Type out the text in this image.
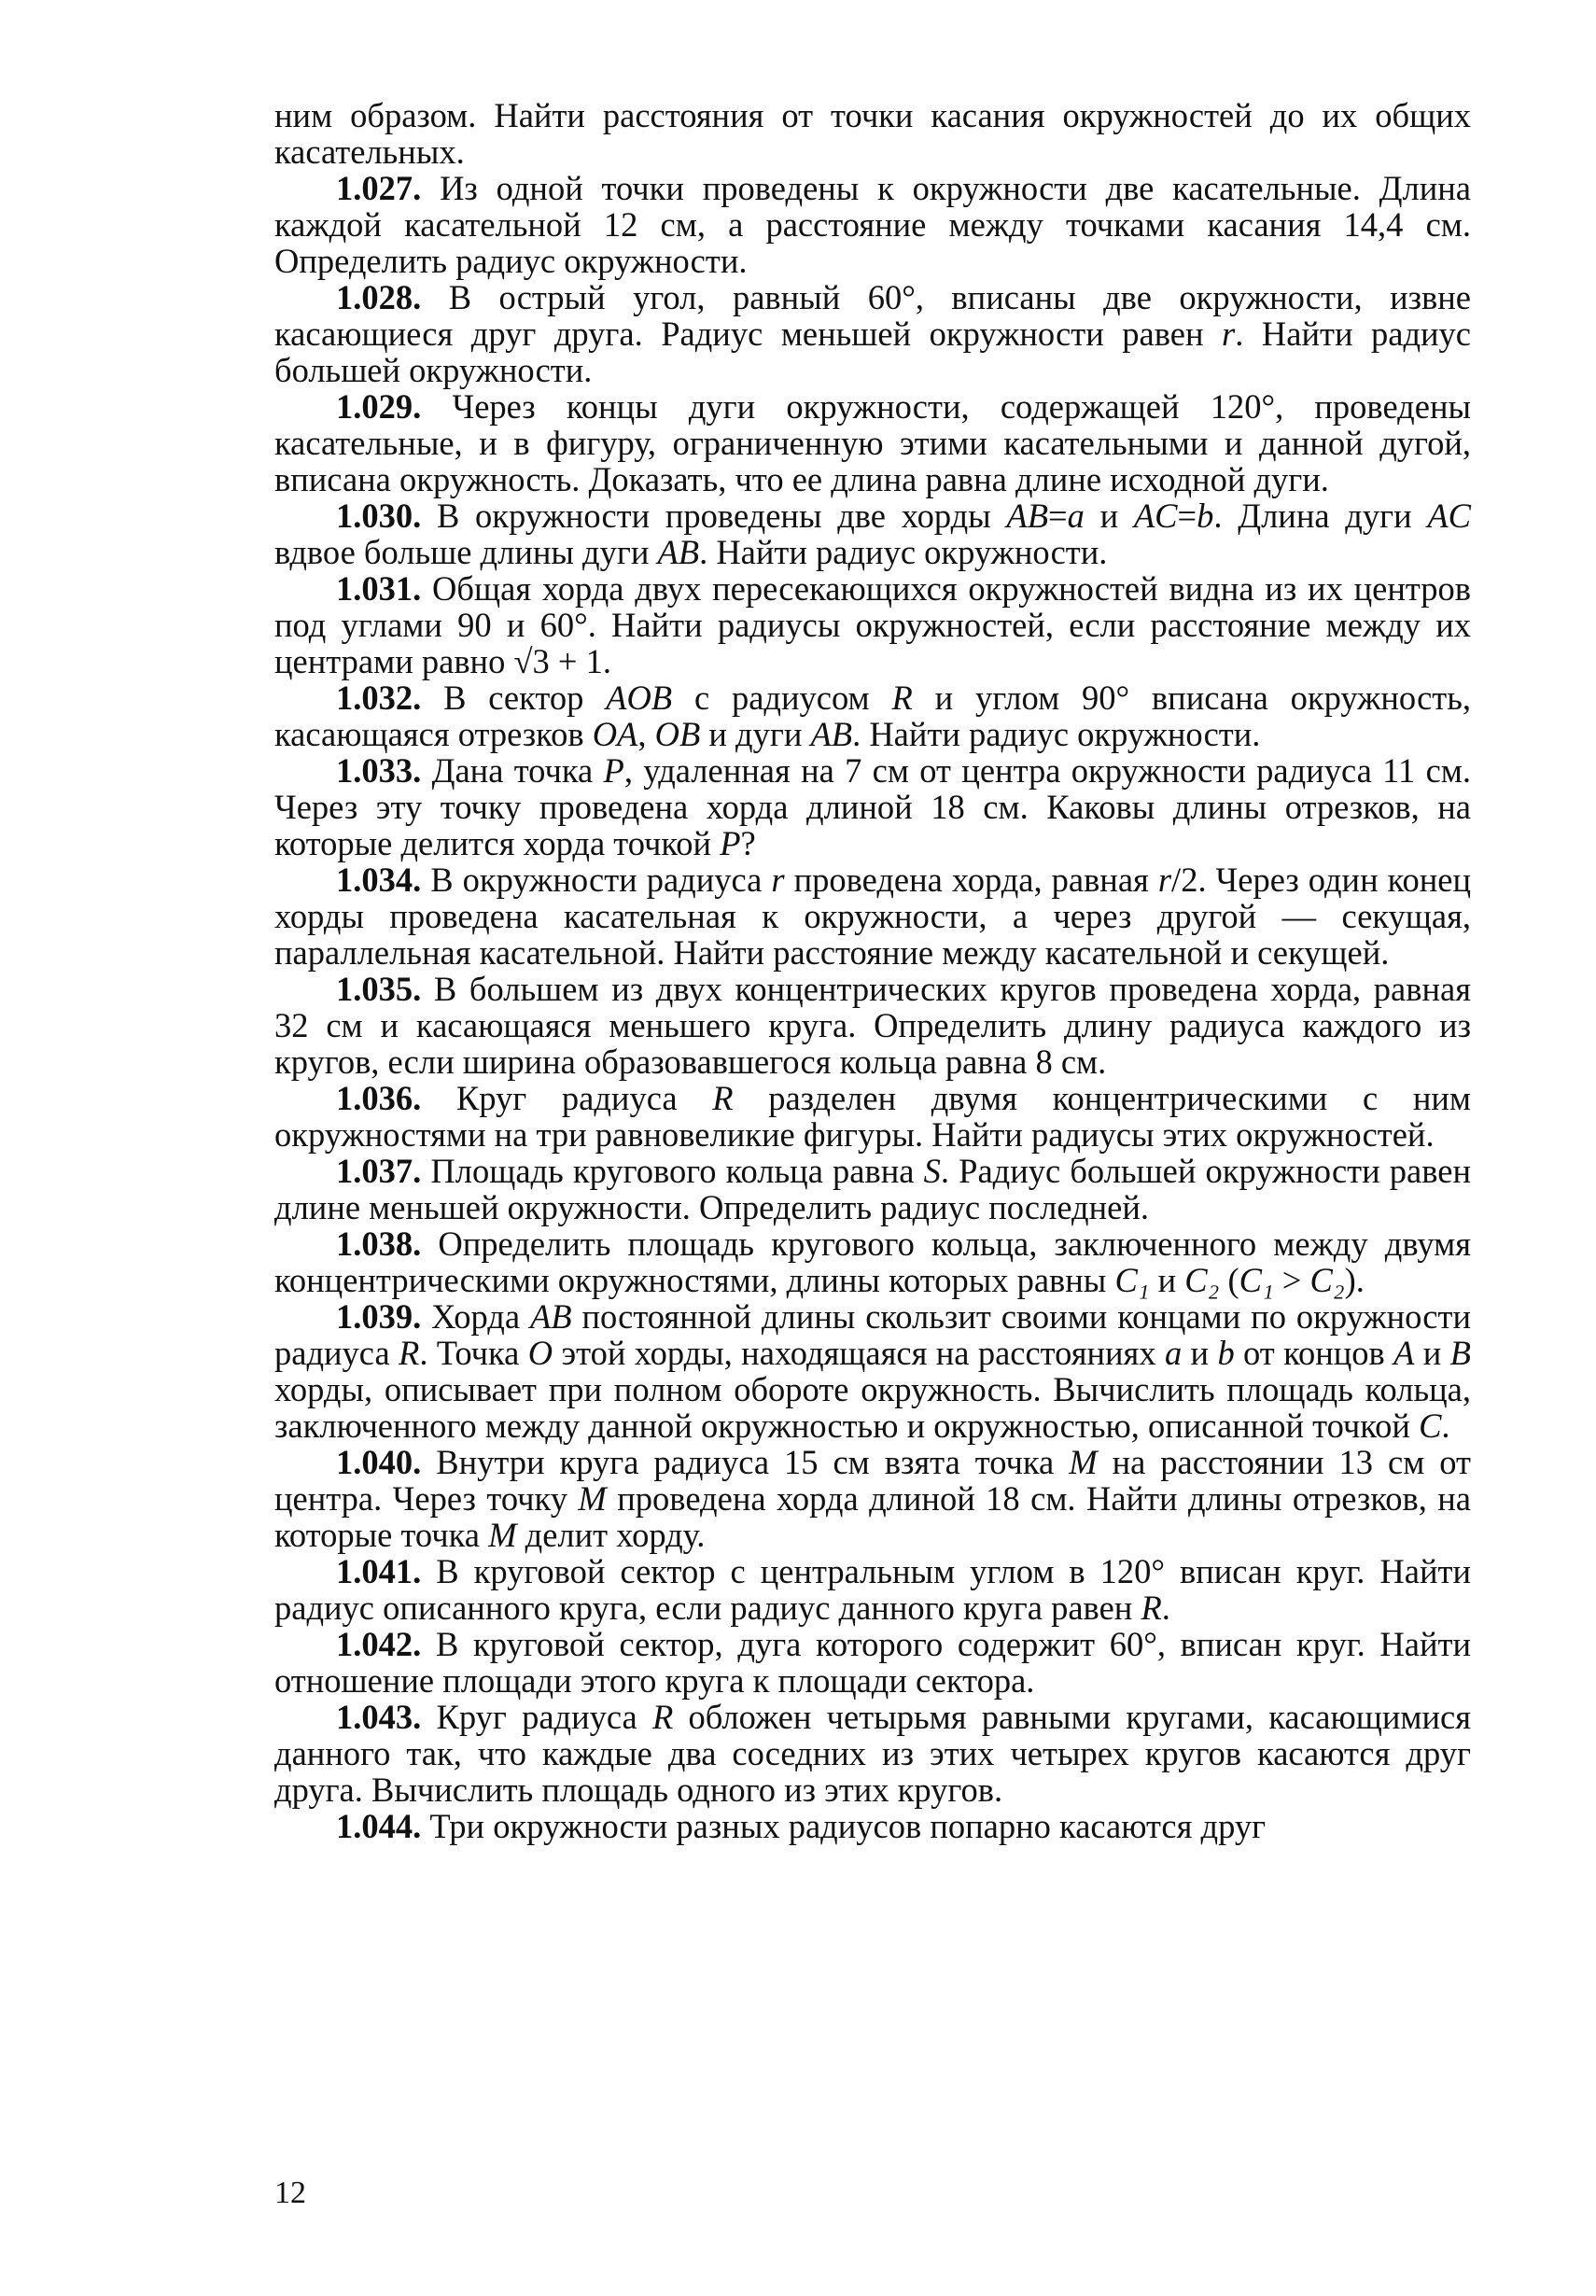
ним образом. Найти расстояния от точки касания окружностей до их общих касательных.

1.027. Из одной точки проведены к окружности две касательные. Длина каждой касательной 12 см, а расстояние между точками касания 14,4 см. Определить радиус окружности.

1.028. В острый угол, равный 60°, вписаны две окружности, извне касающиеся друг друга. Радиус меньшей окружности равен r. Найти радиус большей окружности.

1.029. Через концы дуги окружности, содержащей 120°, проведены касательные, и в фигуру, ограниченную этими касательными и данной дугой, вписана окружность. Доказать, что ее длина равна длине исходной дуги.

1.030. В окружности проведены две хорды AB=a и AC=b. Длина дуги AC вдвое больше длины дуги AB. Найти радиус окружности.

1.031. Общая хорда двух пересекающихся окружностей видна из их центров под углами 90 и 60°. Найти радиусы окружностей, если расстояние между их центрами равно √3 + 1.

1.032. В сектор AOB с радиусом R и углом 90° вписана окружность, касающаяся отрезков OA, OB и дуги AB. Найти радиус окружности.

1.033. Дана точка P, удаленная на 7 см от центра окружности радиуса 11 см. Через эту точку проведена хорда длиной 18 см. Каковы длины отрезков, на которые делится хорда точкой P?

1.034. В окружности радиуса r проведена хорда, равная r/2. Через один конец хорды проведена касательная к окружности, а через другой — секущая, параллельная касательной. Найти расстояние между касательной и секущей.

1.035. В большем из двух концентрических кругов проведена хорда, равная 32 см и касающаяся меньшего круга. Определить длину радиуса каждого из кругов, если ширина образовавшегося кольца равна 8 см.

1.036. Круг радиуса R разделен двумя концентрическими с ним окружностями на три равновеликие фигуры. Найти радиусы этих окружностей.

1.037. Площадь кругового кольца равна S. Радиус большей окружности равен длине меньшей окружности. Определить радиус последней.

1.038. Определить площадь кругового кольца, заключенного между двумя концентрическими окружностями, длины которых равны C₁ и C₂ (C₁ > C₂).

1.039. Хорда AB постоянной длины скользит своими концами по окружности радиуса R. Точка O этой хорды, находящаяся на расстояниях a и b от концов A и B хорды, описывает при полном обороте окружность. Вычислить площадь кольца, заключенного между данной окружностью и окружностью, описанной точкой C.

1.040. Внутри круга радиуса 15 см взята точка M на расстоянии 13 см от центра. Через точку M проведена хорда длиной 18 см. Найти длины отрезков, на которые точка M делит хорду.

1.041. В круговой сектор с центральным углом в 120° вписан круг. Найти радиус описанного круга, если радиус данного круга равен R.

1.042. В круговой сектор, дуга которого содержит 60°, вписан круг. Найти отношение площади этого круга к площади сектора.

1.043. Круг радиуса R обложен четырьмя равными кругами, касающимися данного так, что каждые два соседних из этих четырех кругов касаются друг друга. Вычислить площадь одного из этих кругов.

1.044. Три окружности разных радиусов попарно касаются друг

12
